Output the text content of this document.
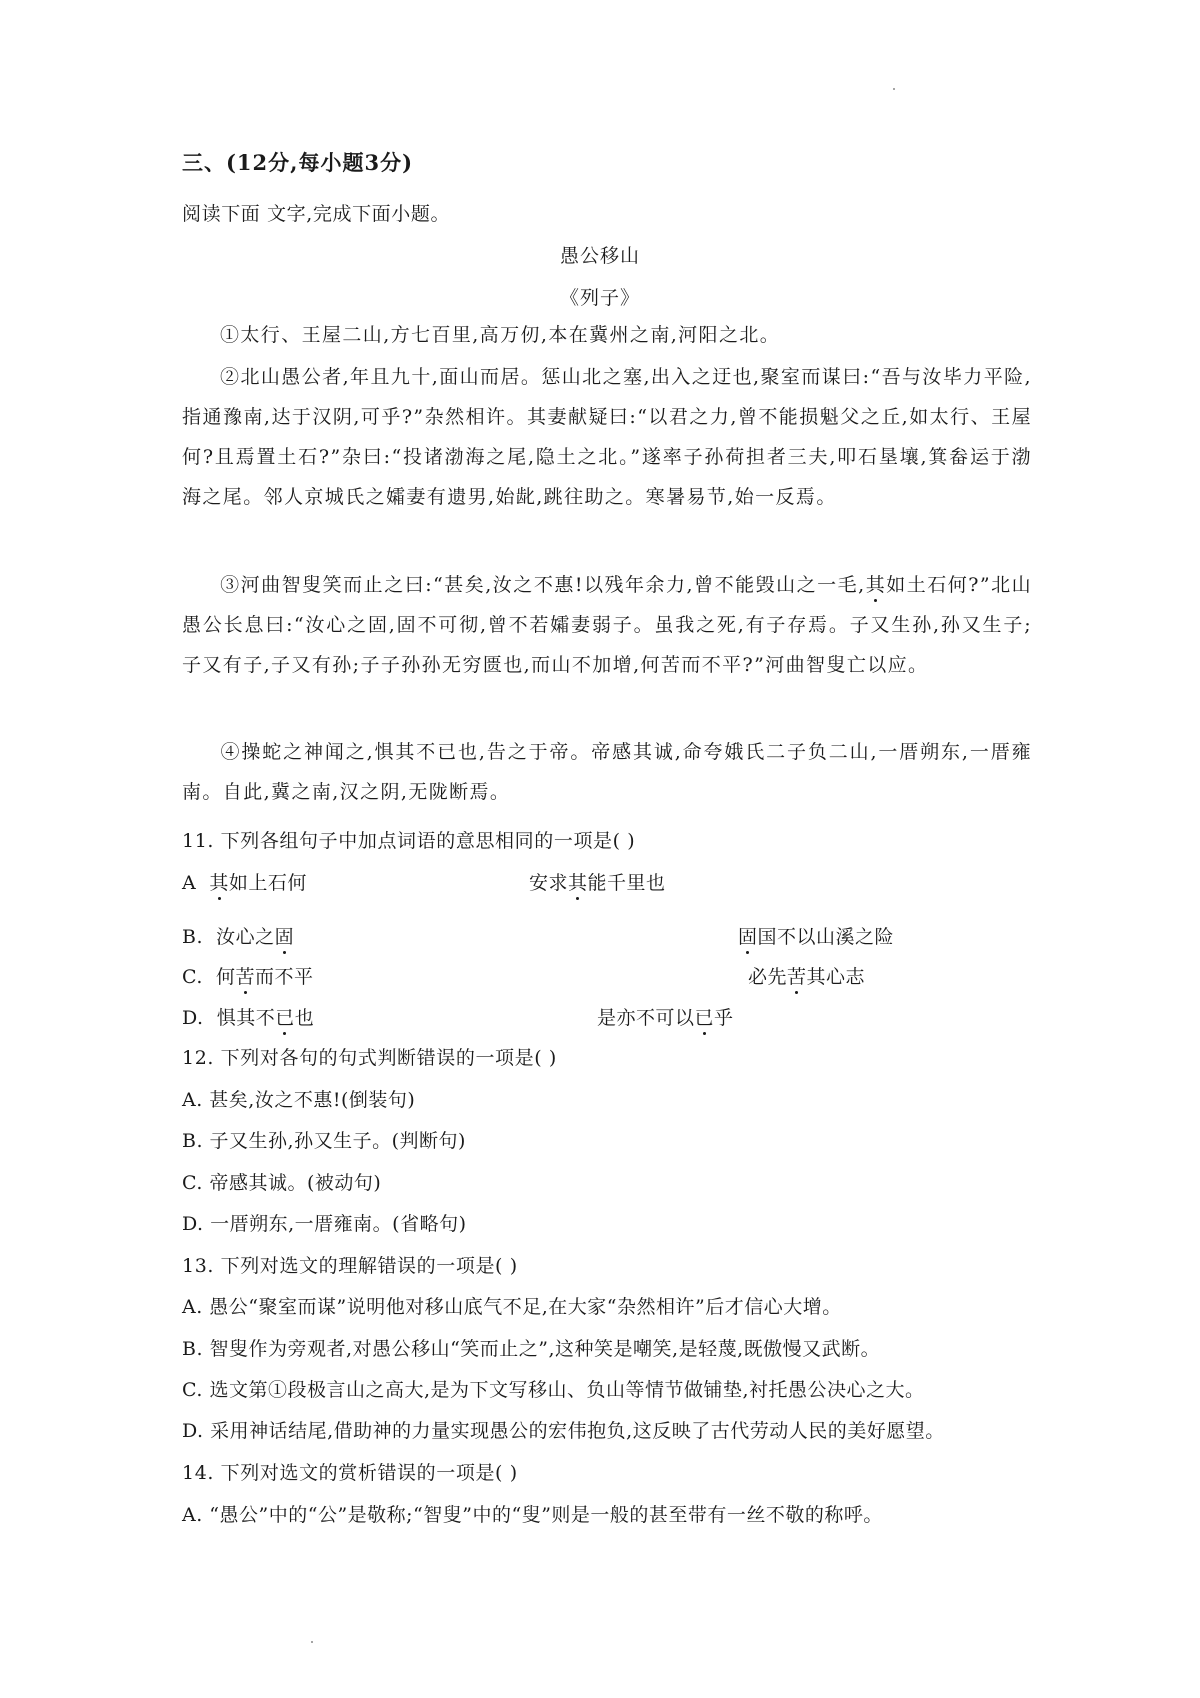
三、(12分,每小题3分)
阅读下面 文字,完成下面小题。
愚公移山
《列子》
①太行、王屋二山,方七百里,高万仞,本在冀州之南,河阳之北。
②北山愚公者,年且九十,面山而居。惩山北之塞,出入之迂也,聚室而谋曰:“吾与汝毕力平险,指通豫南,达于汉阴,可乎?”杂然相许。其妻献疑曰:“以君之力,曾不能损魁父之丘,如太行、王屋何?且焉置土石?”杂曰:“投诸渤海之尾,隐土之北。”遂率子孙荷担者三夫,叩石垦壤,箕畚运于渤海之尾。邻人京城氏之孀妻有遗男,始龀,跳往助之。寒暑易节,始一反焉。
③河曲智叟笑而止之曰:“甚矣,汝之不惠!以残年余力,曾不能毁山之一毛,其如土石何?”北山愚公长息曰:“汝心之固,固不可彻,曾不若孀妻弱子。虽我之死,有子存焉。子又生孙,孙又生子;子又有子,子又有孙;子子孙孙无穷匮也,而山不加增,何苦而不平?”河曲智叟亡以应。
④操蛇之神闻之,惧其不已也,告之于帝。帝感其诚,命夸娥氏二子负二山,一厝朔东,一厝雍南。自此,冀之南,汉之阴,无陇断焉。
11. 下列各组句子中加点词语的意思相同的一项是( )
A 其如上石何	安求其能千里也
B. 汝心之固	固国不以山溪之险
C. 何苦而不平	必先苦其心志
D. 惧其不已也	是亦不可以已乎
12. 下列对各句的句式判断错误的一项是( )
A. 甚矣,汝之不惠!(倒装句)
B. 子又生孙,孙又生子。(判断句)
C. 帝感其诚。(被动句)
D. 一厝朔东,一厝雍南。(省略句)
13. 下列对选文的理解错误的一项是( )
A. 愚公“聚室而谋”说明他对移山底气不足,在大家“杂然相许”后才信心大增。
B. 智叟作为旁观者,对愚公移山“笑而止之”,这种笑是嘲笑,是轻蔑,既傲慢又武断。
C. 选文第①段极言山之高大,是为下文写移山、负山等情节做铺垫,衬托愚公决心之大。
D. 采用神话结尾,借助神的力量实现愚公的宏伟抱负,这反映了古代劳动人民的美好愿望。
14. 下列对选文的赏析错误的一项是( )
A. “愚公”中的“公”是敬称;“智叟”中的“叟”则是一般的甚至带有一丝不敬的称呼。
